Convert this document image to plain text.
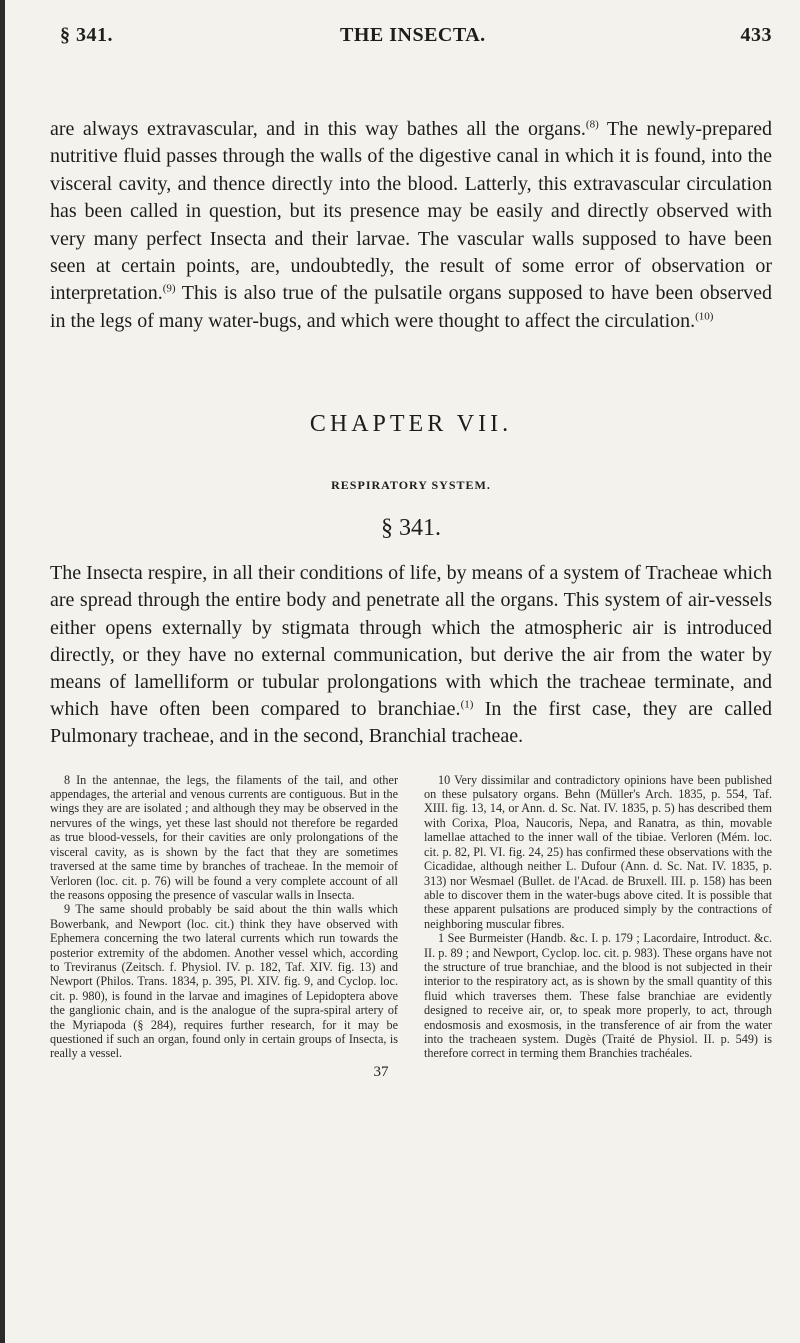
§ 341.	THE INSECTA.	433

are always extravascular, and in this way bathes all the organs.$^{(8)}$ The newly-prepared nutritive fluid passes through the walls of the digestive canal in which it is found, into the visceral cavity, and thence directly into the blood. Latterly, this extravascular circulation has been called in question, but its presence may be easily and directly observed with very many perfect Insecta and their larvae. The vascular walls supposed to have been seen at certain points, are, undoubtedly, the result of some error of observation or interpretation.$^{(9)}$ This is also true of the pulsatile organs supposed to have been observed in the legs of many water-bugs, and which were thought to affect the circulation.$^{(10)}$

CHAPTER VII.
RESPIRATORY SYSTEM.
§ 341.
The Insecta respire, in all their conditions of life, by means of a system of Tracheae which are spread through the entire body and penetrate all the organs. This system of air-vessels either opens externally by stigmata through which the atmospheric air is introduced directly, or they have no external communication, but derive the air from the water by means of lamelliform or tubular prolongations with which the tracheae terminate, and which have often been compared to branchiae.$^{(1)}$ In the first case, they are called Pulmonary tracheae, and in the second, Branchial tracheae.

8 In the antennae, the legs, the filaments of the tail, and other appendages, the arterial and venous currents are contiguous. But in the wings they are are isolated ; and although they may be observed in the nervures of the wings, yet these last should not therefore be regarded as true blood-vessels, for their cavities are only prolongations of the visceral cavity, as is shown by the fact that they are sometimes traversed at the same time by branches of tracheae. In the memoir of Verloren (loc. cit. p. 76) will be found a very complete account of all the reasons opposing the presence of vascular walls in Insecta.

9 The same should probably be said about the thin walls which Bowerbank, and Newport (loc. cit.) think they have observed with Ephemera concerning the two lateral currents which run towards the posterior extremity of the abdomen. Another vessel which, according to Treviranus (Zeitsch. f. Physiol. IV. p. 182, Taf. XIV. fig. 13) and Newport (Philos. Trans. 1834, p. 395, Pl. XIV. fig. 9, and Cyclop. loc. cit. p. 980), is found in the larvae and imagines of Lepidoptera above the ganglionic chain, and is the analogue of the supra-spiral artery of the Myriapoda (§ 284), requires further research, for it may be questioned if such an organ, found only in certain groups of Insecta, is really a vessel.

10 Very dissimilar and contradictory opinions have been published on these pulsatory organs. Behn (Müller's Arch. 1835, p. 554, Taf. XIII. fig. 13, 14, or Ann. d. Sc. Nat. IV. 1835, p. 5) has described them with Corixa, Ploa, Naucoris, Nepa, and Ranatra, as thin, movable lamellae attached to the inner wall of the tibiae. Verloren (Mém. loc. cit. p. 82, Pl. VI. fig. 24, 25) has confirmed these observations with the Cicadidae, although neither L. Dufour (Ann. d. Sc. Nat. IV. 1835, p. 313) nor Wesmael (Bullet. de l'Acad. de Bruxell. III. p. 158) has been able to discover them in the water-bugs above cited. It is possible that these apparent pulsations are produced simply by the contractions of neighboring muscular fibres.

1 See Burmeister (Handb. &c. I. p. 179 ; Lacordaire, Introduct. &c. II. p. 89 ; and Newport, Cyclop. loc. cit. p. 983). These organs have not the structure of true branchiae, and the blood is not subjected in their interior to the respiratory act, as is shown by the small quantity of this fluid which traverses them. These false branchiae are evidently designed to receive air, or, to speak more properly, to act, through endosmosis and exosmosis, in the transference of air from the water into the tracheaen system. Dugès (Traité de Physiol. II. p. 549) is therefore correct in terming them Branchies trachéales.

37
